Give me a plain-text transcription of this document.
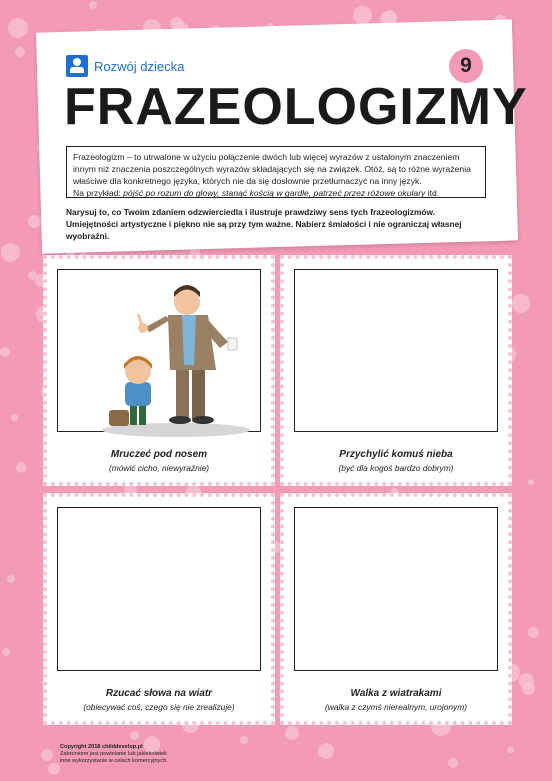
Rozwój dziecka	9
FRAZEOLOGIZMY
Frazeologizm – to utrwalone w użyciu połączenie dwóch lub więcej wyrazów z ustalonym znaczeniem
innym niż znaczenia poszczególnych wyrazów składających się na związek. Otóż, są to różne wyrażenia
właściwe dla konkretnego języka, których nie da się dosłownie przetłumaczyć na inny język.
Na przykład: pójść po rozum do głowy, stanąć kością w gardle, patrzeć przez różowe okulary itd.
Narysuj to, co Twoim zdaniem odzwierciedla i ilustruje prawdziwy sens tych frazeologizmów. Umiejętności artystyczne i piękno nie są przy tym ważne. Nabierz śmiałości i nie ograniczaj własnej wyobraźni.
Mruczeć pod nosem
(mówić cicho, niewyraźnie)
Przychylić komuś nieba
(być dla kogoś bardzo dobrym)
Rzucać słowa na wiatr
(obiecywać coś, czego się nie zrealizuje)
Walka z wiatrakami
(walka z czymś nierealnym, urojonym)
Copyright 2018 childdevelop.pl
Zabronione jest powielanie lub jakiekolwiek
inne wykorzystanie w celach komercyjnych.
